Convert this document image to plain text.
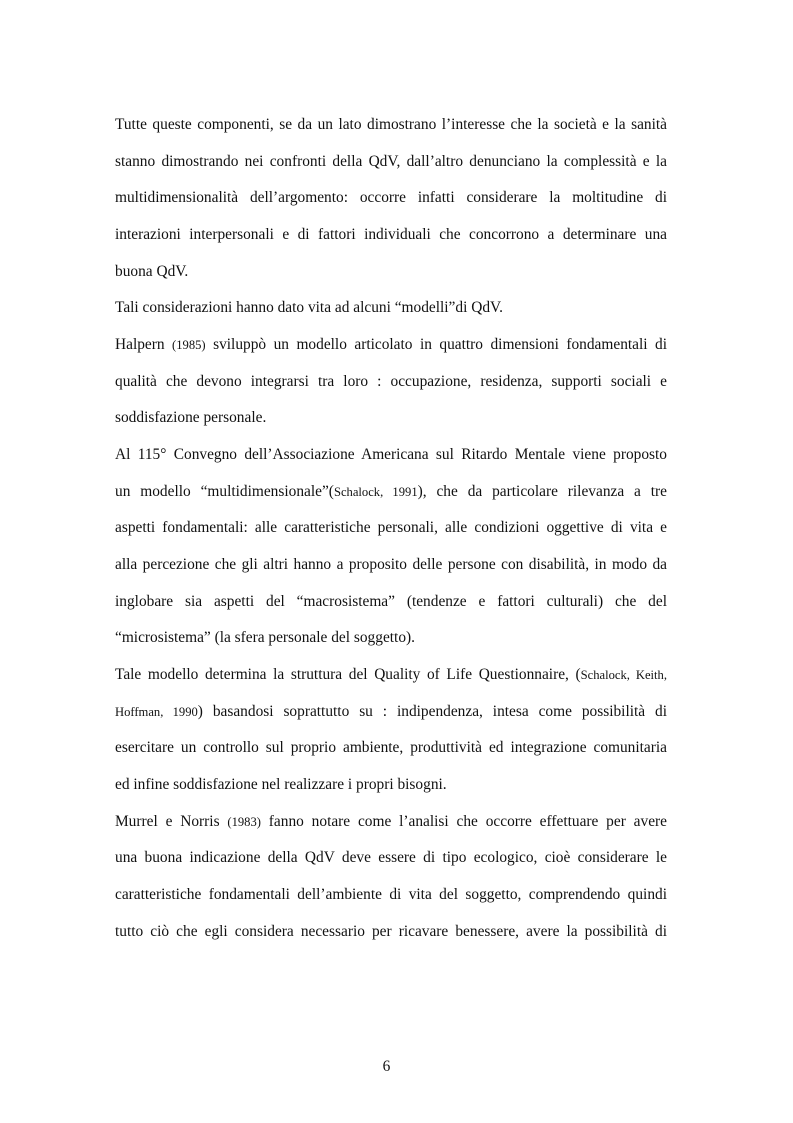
Tutte queste componenti, se da un lato dimostrano l’interesse che la società e la sanità
stanno dimostrando nei confronti della QdV, dall’altro denunciano la complessità e la
multidimensionalità dell’argomento: occorre infatti considerare la moltitudine di
interazioni interpersonali e di fattori individuali che concorrono a determinare una
buona QdV.
Tali considerazioni hanno dato vita ad alcuni “modelli”di QdV.
Halpern (1985) sviluppò un modello articolato in quattro dimensioni fondamentali di
qualità che devono integrarsi tra loro : occupazione, residenza, supporti sociali e
soddisfazione personale.
Al 115° Convegno dell’Associazione Americana sul Ritardo Mentale viene proposto
un modello “multidimensionale”(Schalock, 1991), che da particolare rilevanza a tre
aspetti fondamentali: alle caratteristiche personali, alle condizioni oggettive di vita e
alla percezione che gli altri hanno a proposito delle persone con disabilità, in modo da
inglobare sia aspetti del “macrosistema” (tendenze e fattori culturali) che del
“microsistema” (la sfera personale del soggetto).
Tale modello determina la struttura del Quality of Life Questionnaire, (Schalock, Keith,
Hoffman, 1990) basandosi soprattutto su : indipendenza, intesa come possibilità di
esercitare un controllo sul proprio ambiente, produttività ed integrazione comunitaria
ed infine soddisfazione nel realizzare i propri bisogni.
Murrel e Norris (1983) fanno notare come l’analisi che occorre effettuare per avere
una buona indicazione della QdV deve essere di tipo ecologico, cioè considerare le
caratteristiche fondamentali dell’ambiente di vita del soggetto, comprendendo quindi
tutto ciò che egli considera necessario per ricavare benessere, avere la possibilità di
6
